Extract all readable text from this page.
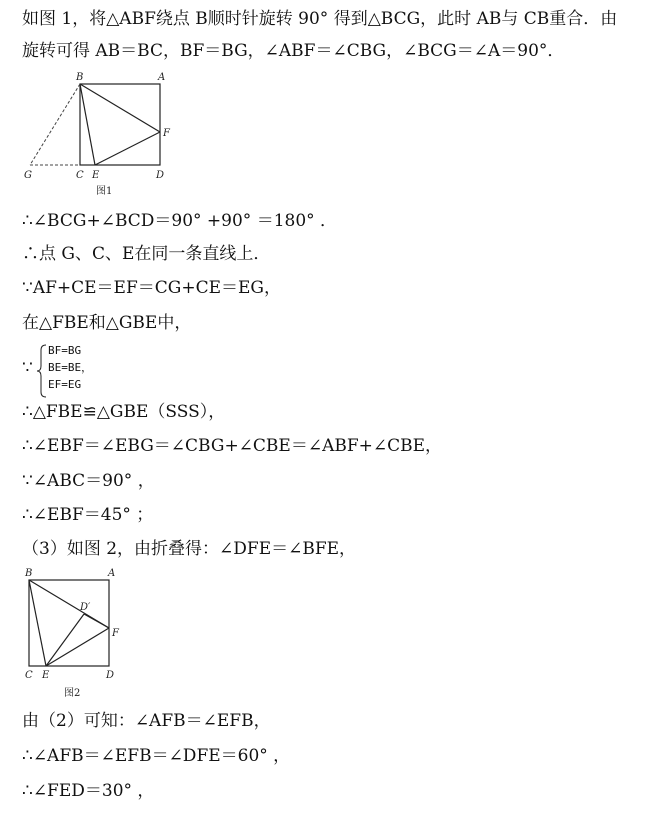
如图 1，将△ABF绕点 B顺时针旋转 90° 得到△BCG，此时 AB与 CB重合．由
旋转可得 AB＝BC，BF＝BG，∠ABF＝∠CBG，∠BCG＝∠A＝90°．
B	A
F
G	C E	D
图1
∴∠BCG+∠BCD＝90° +90° ＝180° ．
∴点 G、C、E在同一条直线上．
∵AF+CE＝EF＝CG+CE＝EG，
在△FBE和△GBE中，
∵
BF=BG
BE=BE，
EF=EG
∴△FBE≌△GBE（SSS），
∴∠EBF＝∠EBG＝∠CBG+∠CBE＝∠ABF+∠CBE，
∵∠ABC＝90° ，
∴∠EBF＝45° ；
（3）如图 2，由折叠得：∠DFE＝∠BFE，
B	A
D′
F
C E	D
图2
由（2）可知：∠AFB＝∠EFB，
∴∠AFB＝∠EFB＝∠DFE＝60° ，
∴∠FED＝30° ，
